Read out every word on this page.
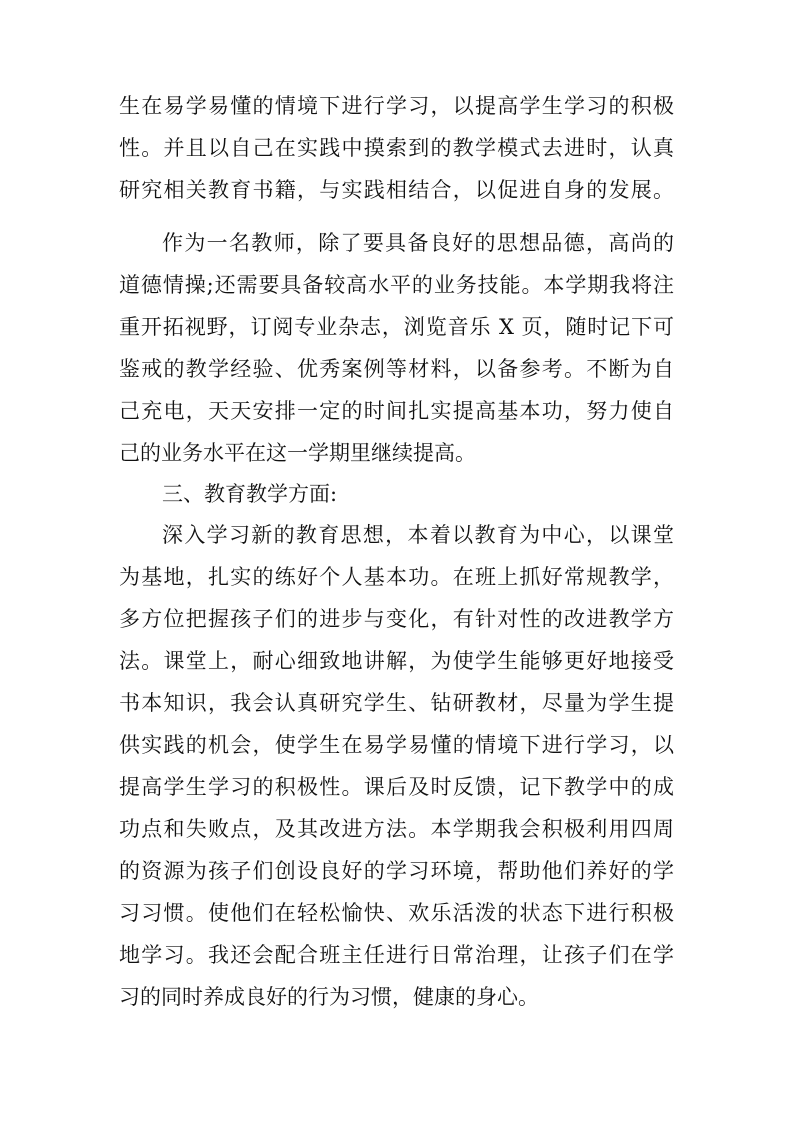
生在易学易懂的情境下进行学习，以提高学生学习的积极
性。并且以自己在实践中摸索到的教学模式去进时，认真
研究相关教育书籍，与实践相结合，以促进自身的发展。
作为一名教师，除了要具备良好的思想品德，高尚的
道德情操;还需要具备较高水平的业务技能。本学期我将注
重开拓视野，订阅专业杂志，浏览音乐 X 页，随时记下可
鉴戒的教学经验、优秀案例等材料，以备参考。不断为自
己充电，天天安排一定的时间扎实提高基本功，努力使自
己的业务水平在这一学期里继续提高。
三、教育教学方面:
深入学习新的教育思想，本着以教育为中心，以课堂
为基地，扎实的练好个人基本功。在班上抓好常规教学，
多方位把握孩子们的进步与变化，有针对性的改进教学方
法。课堂上，耐心细致地讲解，为使学生能够更好地接受
书本知识，我会认真研究学生、钻研教材，尽量为学生提
供实践的机会，使学生在易学易懂的情境下进行学习，以
提高学生学习的积极性。课后及时反馈，记下教学中的成
功点和失败点，及其改进方法。本学期我会积极利用四周
的资源为孩子们创设良好的学习环境，帮助他们养好的学
习习惯。使他们在轻松愉快、欢乐活泼的状态下进行积极
地学习。我还会配合班主任进行日常治理，让孩子们在学
习的同时养成良好的行为习惯，健康的身心。
